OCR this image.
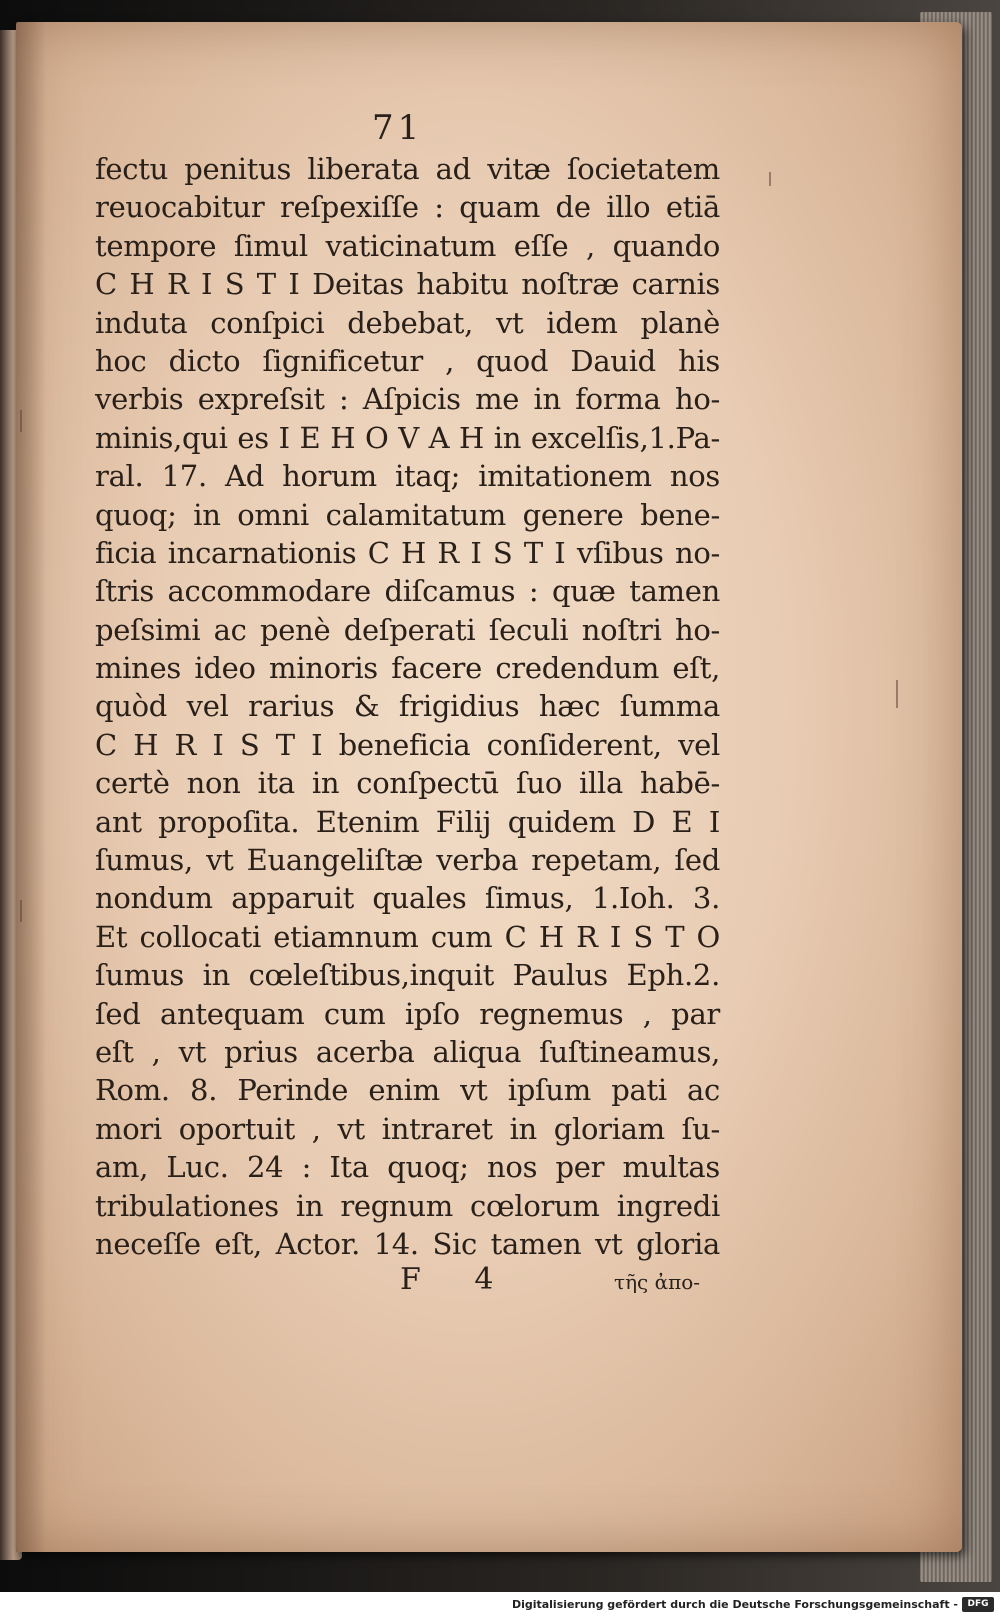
71
fectu penitus liberata ad vitæ ſocietatem
reuocabitur reſpexiſſe : quam de illo etiā
tempore ſimul vaticinatum eſſe , quando
C H R I S T I Deitas habitu noſtræ carnis
induta conſpici debebat, vt idem planè
hoc dicto ſignificetur , quod Dauid his
verbis expreſsit : Aſpicis me in forma ho-
minis,qui es I E H O V A H in excelſis,1.Pa-
ral. 17. Ad horum itaq; imitationem nos
quoq; in omni calamitatum genere bene-
ficia incarnationis C H R I S T I vſibus no-
ſtris accommodare diſcamus : quæ tamen
peſsimi ac penè deſperati ſeculi noſtri ho-
mines ideo minoris facere credendum eſt,
quòd vel rarius & frigidius hæc ſumma
C H R I S T I beneficia conſiderent, vel
certè non ita in conſpectū ſuo illa habē-
ant propoſita. Etenim Filij quidem D E I
ſumus, vt Euangeliſtæ verba repetam, ſed
nondum apparuit quales ſimus, 1.Ioh. 3.
Et collocati etiamnum cum C H R I S T O
ſumus in cœleſtibus,inquit Paulus Eph.2.
ſed antequam cum ipſo regnemus , par
eſt , vt prius acerba aliqua ſuſtineamus,
Rom. 8. Perinde enim vt ipſum pati ac
mori oportuit , vt intraret in gloriam ſu-
am, Luc. 24 : Ita quoq; nos per multas
tribulationes in regnum cœlorum ingredi
neceſſe eſt, Actor. 14. Sic tamen vt gloria
F 4	τῆς ἀπο-
Digitalisierung gefördert durch die Deutsche Forschungsgemeinschaft -	DFG
